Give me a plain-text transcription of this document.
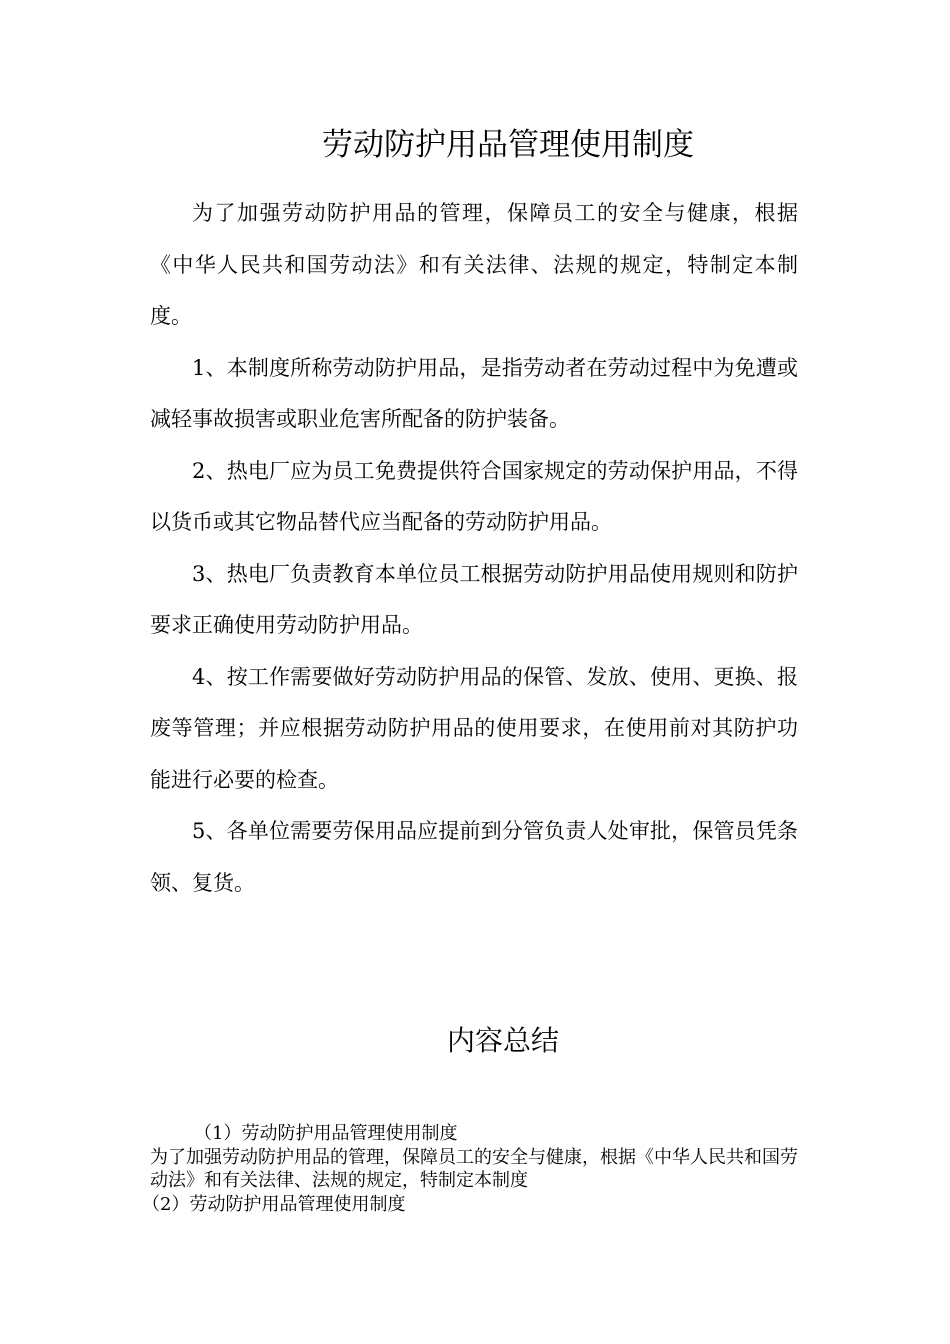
劳动防护用品管理使用制度

为了加强劳动防护用品的管理，保障员工的安全与健康，根据《中华人民共和国劳动法》和有关法律、法规的规定，特制定本制度。

1、本制度所称劳动防护用品，是指劳动者在劳动过程中为免遭或减轻事故损害或职业危害所配备的防护装备。

2、热电厂应为员工免费提供符合国家规定的劳动保护用品，不得以货币或其它物品替代应当配备的劳动防护用品。

3、热电厂负责教育本单位员工根据劳动防护用品使用规则和防护要求正确使用劳动防护用品。

4、按工作需要做好劳动防护用品的保管、发放、使用、更换、报废等管理；并应根据劳动防护用品的使用要求，在使用前对其防护功能进行必要的检查。

5、各单位需要劳保用品应提前到分管负责人处审批，保管员凭条领、复货。

内容总结

（1）劳动防护用品管理使用制度

为了加强劳动防护用品的管理，保障员工的安全与健康，根据《中华人民共和国劳动法》和有关法律、法规的规定，特制定本制度

（2）劳动防护用品管理使用制度
